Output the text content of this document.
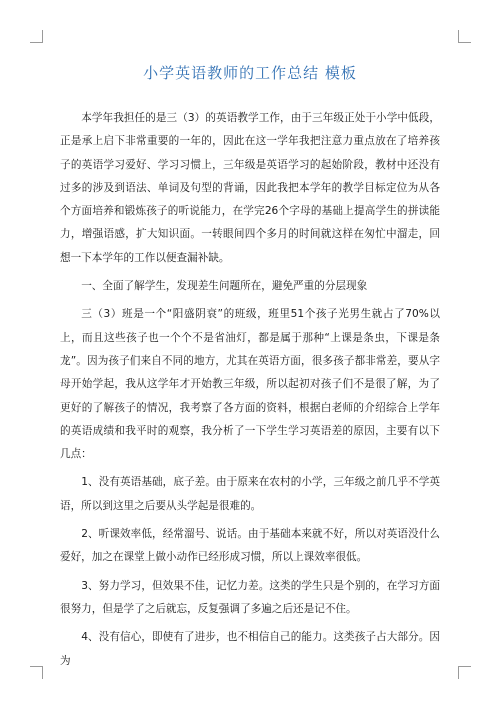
小学英语教师的工作总结 模板

本学年我担任的是三（3）的英语教学工作，由于三年级正处于小学中低段，正是承上启下非常重要的一年的，因此在这一学年我把注意力重点放在了培养孩子的英语学习爱好、学习习惯上，三年级是英语学习的起始阶段，教材中还没有过多的涉及到语法、单词及句型的背诵，因此我把本学年的教学目标定位为从各个方面培养和锻炼孩子的听说能力，在学完26个字母的基础上提高学生的拼读能力，增强语感，扩大知识面。一转眼间四个多月的时间就这样在匆忙中溜走，回想一下本学年的工作以便查漏补缺。

一、全面了解学生，发现差生问题所在，避免严重的分层现象

三（3）班是一个“阳盛阴衰”的班级，班里51个孩子光男生就占了70%以上，而且这些孩子也一个个不是省油灯，都是属于那种“上课是条虫，下课是条龙”。因为孩子们来自不同的地方，尤其在英语方面，很多孩子都非常差，要从字母开始学起，我从这学年才开始教三年级，所以起初对孩子们不是很了解，为了更好的了解孩子的情况，我考察了各方面的资料，根据白老师的介绍综合上学年的英语成绩和我平时的观察，我分析了一下学生学习英语差的原因，主要有以下几点：

1、没有英语基础，底子差。由于原来在农村的小学，三年级之前几乎不学英语，所以到这里之后要从头学起是很难的。

2、听课效率低，经常溜号、说话。由于基础本来就不好，所以对英语没什么爱好，加之在课堂上做小动作已经形成习惯，所以上课效率很低。

3、努力学习，但效果不佳，记忆力差。这类的学生只是个别的，在学习方面很努力，但是学了之后就忘，反复强调了多遍之后还是记不住。

4、没有信心，即使有了进步，也不相信自己的能力。这类孩子占大部分。因为
